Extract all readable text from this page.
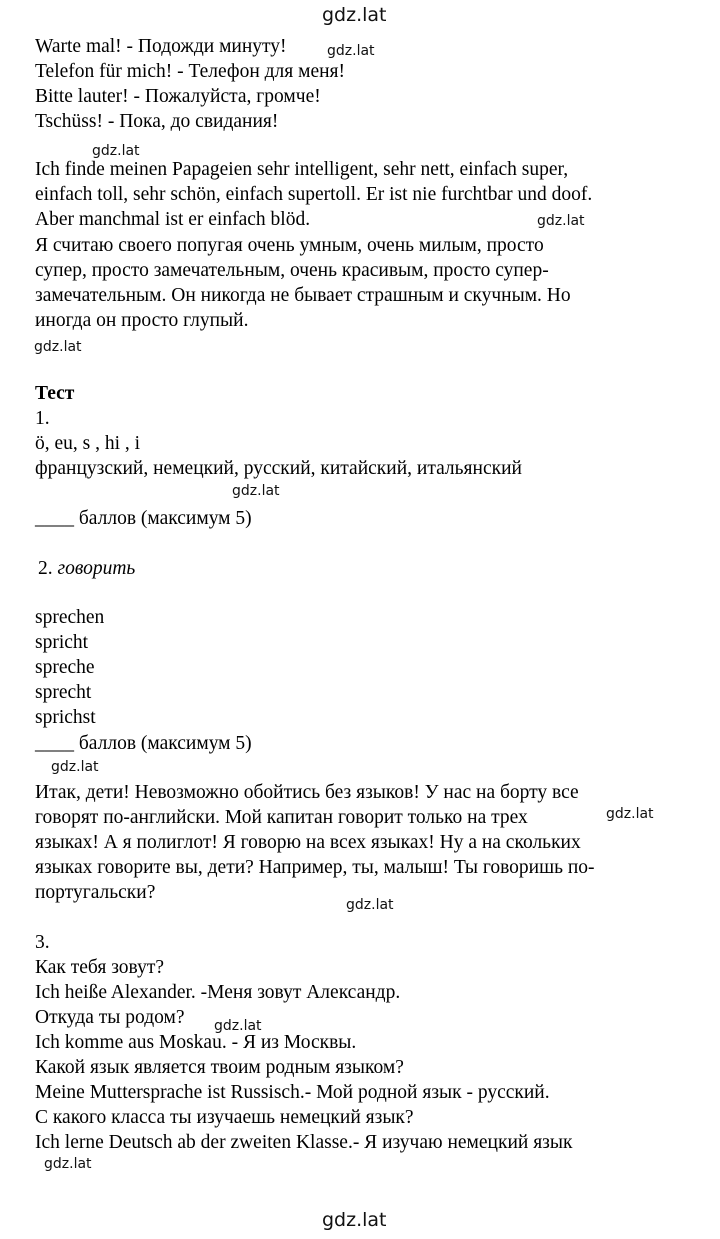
gdz.lat
gdz.lat
gdz.lat
gdz.lat
gdz.lat
gdz.lat
gdz.lat
gdz.lat
gdz.lat
gdz.lat
gdz.lat
gdz.lat
Warte mal! - Подожди минуту!
Telefon für mich! - Телефон для меня!
Bitte lauter! - Пожалуйста, громче!
Tschüss! - Пока, до свидания!
Ich finde meinen Papageien sehr intelligent, sehr nett, einfach super,
einfach toll, sehr schön, einfach supertoll. Er ist nie furchtbar und doof.
Aber manchmal ist er einfach blöd.
Я считаю своего попугая очень умным, очень милым, просто
супер, просто замечательным, очень красивым, просто супер-
замечательным. Он никогда не бывает страшным и скучным. Но
иногда он просто глупый.
Тест
1.
ö, eu, s , hi , i
французский, немецкий, русский, китайский, итальянский
____ баллов (максимум 5)
2. говорить
sprechen
spricht
spreche
sprecht
sprichst
____ баллов (максимум 5)
Итак, дети! Невозможно обойтись без языков! У нас на борту все
говорят по-английски. Мой капитан говорит только на трех
языках! А я полиглот! Я говорю на всех языках! Ну а на скольких
языках говорите вы, дети? Например, ты, малыш! Ты говоришь по-
португальски?
3.
Как тебя зовут?
Ich heiße Alexander. -Меня зовут Александр.
Откуда ты родом?
Ich komme aus Moskau. - Я из Москвы.
Какой язык является твоим родным языком?
Meine Muttersprache ist Russisch.- Мой родной язык - русский.
С какого класса ты изучаешь немецкий язык?
Ich lerne Deutsch ab der zweiten Klasse.- Я изучаю немецкий язык
